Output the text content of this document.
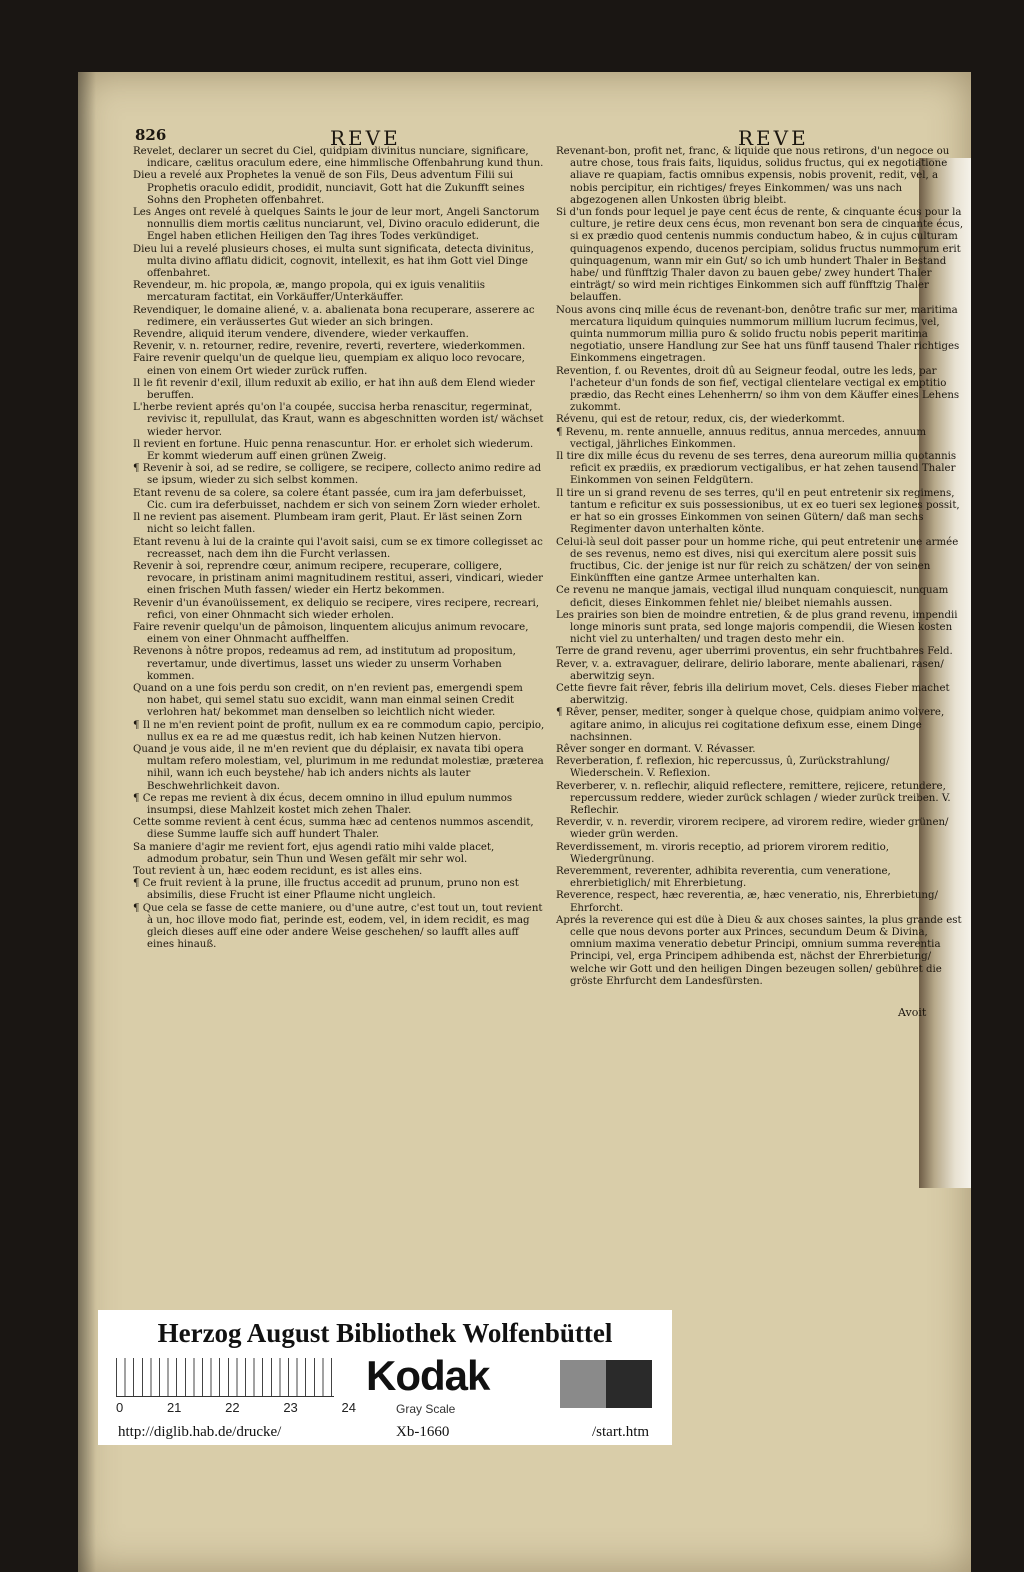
826	REVE	REVE

Revelet, declarer un secret du Ciel, quidpiam divinitus nunciare, significare, indicare, cælitus oraculum edere, eine himmlische Offenbahrung kund thun.

Dieu a revelé aux Prophetes la venuë de son Fils, Deus adventum Filii sui Prophetis oraculo edidit, prodidit, nunciavit, Gott hat die Zukunfft seines Sohns den Propheten offenbahret.

Les Anges ont revelé à quelques Saints le jour de leur mort, Angeli Sanctorum nonnullis diem mortis cælitus nunciarunt, vel, Divino oraculo ediderunt, die Engel haben etlichen Heiligen den Tag ihres Todes verkündiget.

Dieu lui a revelé plusieurs choses, ei multa sunt significata, detecta divinitus, multa divino afflatu didicit, cognovit, intellexit, es hat ihm Gott viel Dinge offenbahret.

Revendeur, m. hic propola, æ, mango propola, qui ex iguis venalitiis mercaturam factitat, ein Vorkäuffer/Unterkäuffer.

Revendiquer, le domaine aliené, v. a. abalienata bona recuperare, asserere ac redimere, ein veräussertes Gut wieder an sich bringen.

Revendre, aliquid iterum vendere, divendere, wieder verkauffen.

Revenir, v. n. retourner, redire, revenire, reverti, revertere, wiederkommen.

Faire revenir quelqu'un de quelque lieu, quempiam ex aliquo loco revocare, einen von einem Ort wieder zurück ruffen.

Il le fit revenir d'exil, illum reduxit ab exilio, er hat ihn auß dem Elend wieder beruffen.

L'herbe revient aprés qu'on l'a coupée, succisa herba renascitur, regerminat, revivisc it, repullulat, das Kraut, wann es abgeschnitten worden ist/ wächset wieder hervor.

Il revient en fortune. Huic penna renascuntur. Hor. er erholet sich wiederum. Er kommt wiederum auff einen grünen Zweig.

¶ Revenir à soi, ad se redire, se colligere, se recipere, collecto animo redire ad se ipsum, wieder zu sich selbst kommen.

Etant revenu de sa colere, sa colere étant passée, cum ira jam deferbuisset, Cic. cum ira deferbuisset, nachdem er sich von seinem Zorn wieder erholet.

Il ne revient pas aisement. Plumbeam iram gerit, Plaut. Er läst seinen Zorn nicht so leicht fallen.

Etant revenu à lui de la crainte qui l'avoit saisi, cum se ex timore collegisset ac recreasset, nach dem ihn die Furcht verlassen.

Revenir à soi, reprendre cœur, animum recipere, recuperare, colligere, revocare, in pristinam animi magnitudinem restitui, asseri, vindicari, wieder einen frischen Muth fassen/ wieder ein Hertz bekommen.

Revenir d'un évanoüissement, ex deliquio se recipere, vires recipere, recreari, refici, von einer Ohnmacht sich wieder erholen.

Faire revenir quelqu'un de pâmoison, linquentem alicujus animum revocare, einem von einer Ohnmacht auffhelffen.

Revenons à nôtre propos, redeamus ad rem, ad institutum ad propositum, revertamur, unde divertimus, lasset uns wieder zu unserm Vorhaben kommen.

Quand on a une fois perdu son credit, on n'en revient pas, emergendi spem non habet, qui semel statu suo excidit, wann man einmal seinen Credit verlohren hat/ bekommet man denselben so leichtlich nicht wieder.

¶ Il ne m'en revient point de profit, nullum ex ea re commodum capio, percipio, nullus ex ea re ad me quæstus redit, ich hab keinen Nutzen hiervon.

Quand je vous aide, il ne m'en revient que du déplaisir, ex navata tibi opera multam refero molestiam, vel, plurimum in me redundat molestiæ, præterea nihil, wann ich euch beystehe/ hab ich anders nichts als lauter Beschwehrlichkeit davon.

¶ Ce repas me revient à dix écus, decem omnino in illud epulum nummos insumpsi, diese Mahlzeit kostet mich zehen Thaler.

Cette somme revient à cent écus, summa hæc ad centenos nummos ascendit, diese Summe lauffe sich auff hundert Thaler.

Sa maniere d'agir me revient fort, ejus agendi ratio mihi valde placet, admodum probatur, sein Thun und Wesen gefält mir sehr wol.

Tout revient à un, hæc eodem recidunt, es ist alles eins.

¶ Ce fruit revient à la prune, ille fructus accedit ad prunum, pruno non est absimilis, diese Frucht ist einer Pflaume nicht ungleich.

¶ Que cela se fasse de cette maniere, ou d'une autre, c'est tout un, tout revient à un, hoc illove modo fiat, perinde est, eodem, vel, in idem recidit, es mag gleich dieses auff eine oder andere Weise geschehen/ so laufft alles auff eines hinauß.

Revenant-bon, profit net, franc, & liquide que nous retirons, d'un negoce ou autre chose, tous frais faits, liquidus, solidus fructus, qui ex negotiatione aliave re quapiam, factis omnibus expensis, nobis provenit, redit, vel, a nobis percipitur, ein richtiges/ freyes Einkommen/ was uns nach abgezogenen allen Unkosten übrig bleibt.

Si d'un fonds pour lequel je paye cent écus de rente, & cinquante écus pour la culture, je retire deux cens écus, mon revenant bon sera de cinquante écus, si ex prædio quod centenis nummis conductum habeo, & in cujus culturam quinquagenos expendo, ducenos percipiam, solidus fructus nummorum erit quinquagenum, wann mir ein Gut/ so ich umb hundert Thaler in Bestand habe/ und fünfftzig Thaler davon zu bauen gebe/ zwey hundert Thaler einträgt/ so wird mein richtiges Einkommen sich auff fünfftzig Thaler belauffen.

Nous avons cinq mille écus de revenant-bon, denôtre trafic sur mer, maritima mercatura liquidum quinquies nummorum millium lucrum fecimus, vel, quinta nummorum millia puro & solido fructu nobis peperit maritima negotiatio, unsere Handlung zur See hat uns fünff tausend Thaler richtiges Einkommens eingetragen.

Revention, f. ou Reventes, droit dû au Seigneur feodal, outre les leds, par l'acheteur d'un fonds de son fief, vectigal clientelare vectigal ex emptitio prædio, das Recht eines Lehenherrn/ so ihm von dem Käuffer eines Lehens zukommt.

Révenu, qui est de retour, redux, cis, der wiederkommt.

¶ Revenu, m. rente annuelle, annuus reditus, annua mercedes, annuum vectigal, jährliches Einkommen.

Il tire dix mille écus du revenu de ses terres, dena aureorum millia quotannis reficit ex prædiis, ex prædiorum vectigalibus, er hat zehen tausend Thaler Einkommen von seinen Feldgütern.

Il tire un si grand revenu de ses terres, qu'il en peut entretenir six regimens, tantum e reficitur ex suis possessionibus, ut ex eo tueri sex legiones possit, er hat so ein grosses Einkommen von seinen Gütern/ daß man sechs Regimenter davon unterhalten könte.

Celui-là seul doit passer pour un homme riche, qui peut entretenir une armée de ses revenus, nemo est dives, nisi qui exercitum alere possit suis fructibus, Cic. der jenige ist nur für reich zu schätzen/ der von seinen Einkünfften eine gantze Armee unterhalten kan.

Ce revenu ne manque jamais, vectigal illud nunquam conquiescit, nunquam deficit, dieses Einkommen fehlet nie/ bleibet niemahls aussen.

Les prairies son bien de moindre entretien, & de plus grand revenu, impendii longe minoris sunt prata, sed longe majoris compendii, die Wiesen kosten nicht viel zu unterhalten/ und tragen desto mehr ein.

Terre de grand revenu, ager uberrimi proventus, ein sehr fruchtbahres Feld.

Rever, v. a. extravaguer, delirare, delirio laborare, mente abalienari, rasen/ aberwitzig seyn.

Cette fievre fait rêver, febris illa delirium movet, Cels. dieses Fieber machet aberwitzig.

¶ Rêver, penser, mediter, songer à quelque chose, quidpiam animo volvere, agitare animo, in alicujus rei cogitatione defixum esse, einem Dinge nachsinnen.

Rêver songer en dormant. V. Révasser.

Reverberation, f. reflexion, hic repercussus, û, Zurückstrahlung/ Wiederschein. V. Reflexion.

Reverberer, v. n. reflechir, aliquid reflectere, remittere, rejicere, retundere, repercussum reddere, wieder zurück schlagen / wieder zurück treiben. V. Reflechir.

Reverdir, v. n. reverdir, virorem recipere, ad virorem redire, wieder grünen/ wieder grün werden.

Reverdissement, m. viroris receptio, ad priorem virorem reditio, Wiedergrünung.

Reveremment, reverenter, adhibita reverentia, cum veneratione, ehrerbietiglich/ mit Ehrerbietung.

Reverence, respect, hæc reverentia, æ, hæc veneratio, nis, Ehrerbietung/ Ehrforcht.

Aprés la reverence qui est düe à Dieu & aux choses saintes, la plus grande est celle que nous devons porter aux Princes, secundum Deum & Divina, omnium maxima veneratio debetur Principi, omnium summa reverentia Principi, vel, erga Principem adhibenda est, nächst der Ehrerbietung/ welche wir Gott und den heiligen Dingen bezeugen sollen/ gebühret die gröste Ehrfurcht dem Landesfürsten.

Avoit
Herzog August Bibliothek Wolfenbüttel
0	21	22	23	24
Kodak
Gray Scale
http://diglib.hab.de/drucke/	Xb-1660	/start.htm
